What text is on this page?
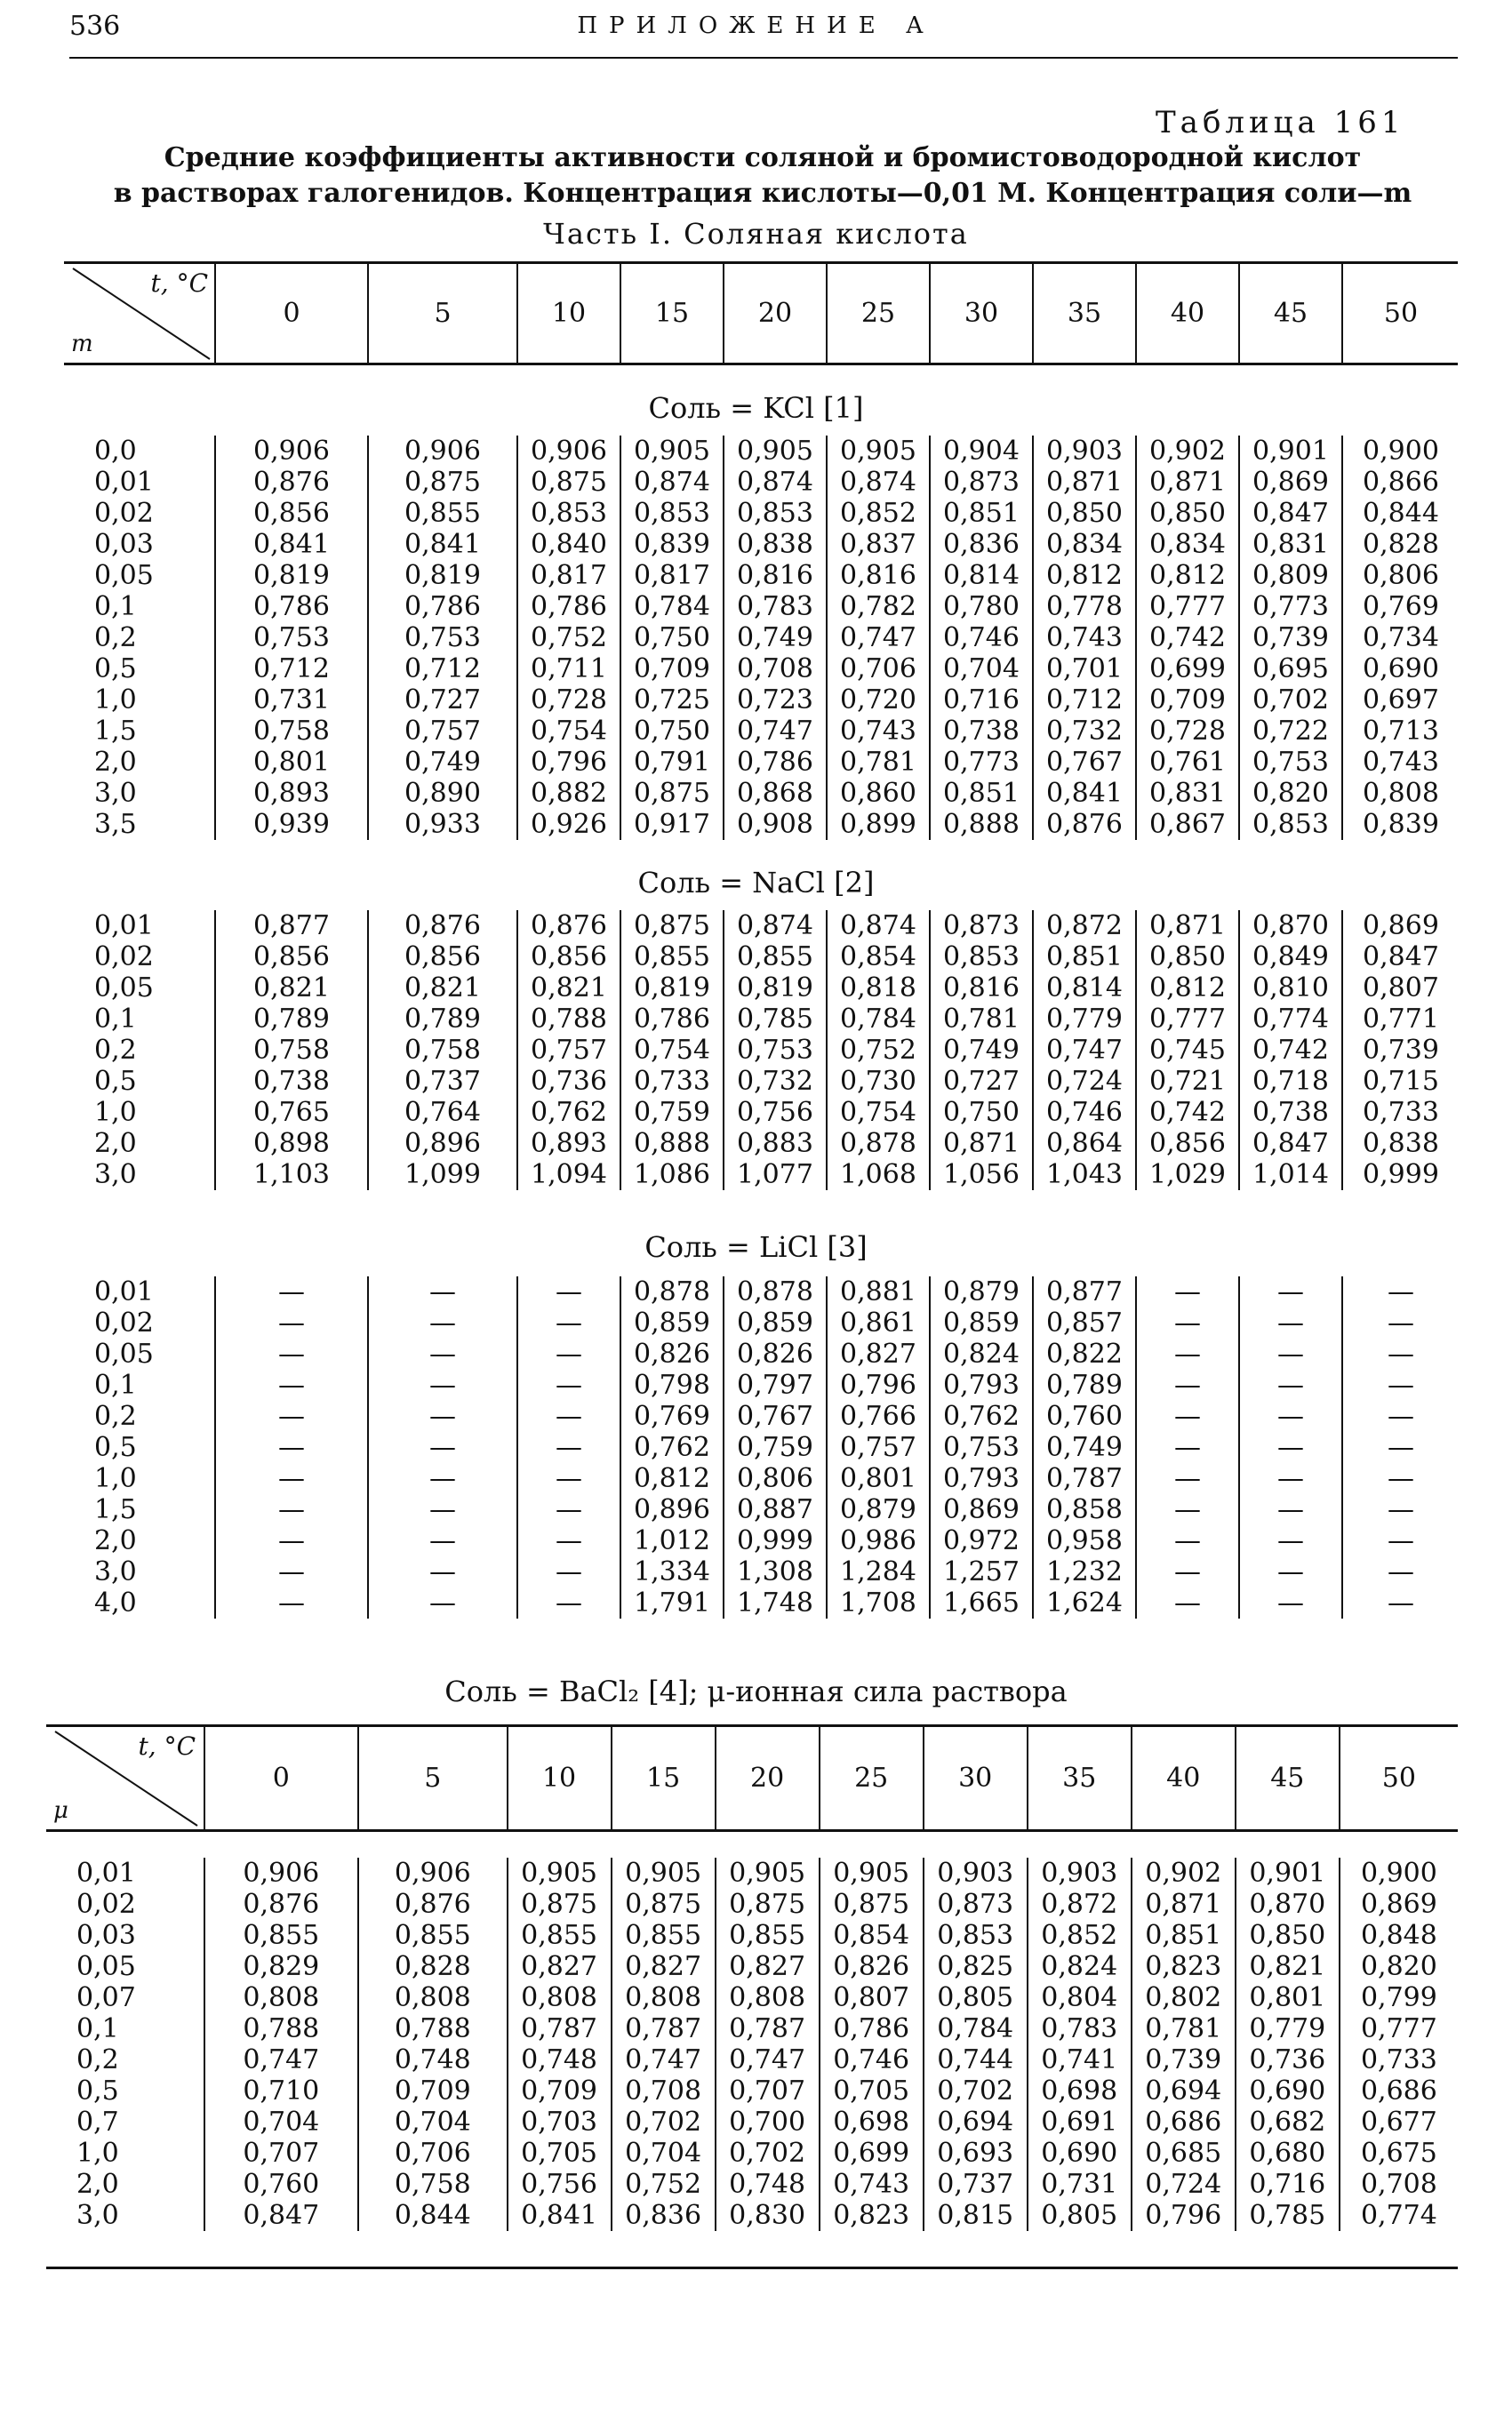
536	ПРИЛОЖЕНИЕ А
Таблица 161
Средние коэффициенты активности соляной и бромистоводородной кислот
в растворах галогенидов. Концентрация кислоты—0,01 M. Концентрация соли—m
Часть I. Соляная кислота
t, °C
m
	0	5	10	15	20	25	30	35	40	45	50
Соль = KCl [1]
0,0	0,906	0,906	0,906	0,905	0,905	0,905	0,904	0,903	0,902	0,901	0,900
0,01	0,876	0,875	0,875	0,874	0,874	0,874	0,873	0,871	0,871	0,869	0,866
0,02	0,856	0,855	0,853	0,853	0,853	0,852	0,851	0,850	0,850	0,847	0,844
0,03	0,841	0,841	0,840	0,839	0,838	0,837	0,836	0,834	0,834	0,831	0,828
0,05	0,819	0,819	0,817	0,817	0,816	0,816	0,814	0,812	0,812	0,809	0,806
0,1	0,786	0,786	0,786	0,784	0,783	0,782	0,780	0,778	0,777	0,773	0,769
0,2	0,753	0,753	0,752	0,750	0,749	0,747	0,746	0,743	0,742	0,739	0,734
0,5	0,712	0,712	0,711	0,709	0,708	0,706	0,704	0,701	0,699	0,695	0,690
1,0	0,731	0,727	0,728	0,725	0,723	0,720	0,716	0,712	0,709	0,702	0,697
1,5	0,758	0,757	0,754	0,750	0,747	0,743	0,738	0,732	0,728	0,722	0,713
2,0	0,801	0,749	0,796	0,791	0,786	0,781	0,773	0,767	0,761	0,753	0,743
3,0	0,893	0,890	0,882	0,875	0,868	0,860	0,851	0,841	0,831	0,820	0,808
3,5	0,939	0,933	0,926	0,917	0,908	0,899	0,888	0,876	0,867	0,853	0,839
Соль = NaCl [2]
0,01	0,877	0,876	0,876	0,875	0,874	0,874	0,873	0,872	0,871	0,870	0,869
0,02	0,856	0,856	0,856	0,855	0,855	0,854	0,853	0,851	0,850	0,849	0,847
0,05	0,821	0,821	0,821	0,819	0,819	0,818	0,816	0,814	0,812	0,810	0,807
0,1	0,789	0,789	0,788	0,786	0,785	0,784	0,781	0,779	0,777	0,774	0,771
0,2	0,758	0,758	0,757	0,754	0,753	0,752	0,749	0,747	0,745	0,742	0,739
0,5	0,738	0,737	0,736	0,733	0,732	0,730	0,727	0,724	0,721	0,718	0,715
1,0	0,765	0,764	0,762	0,759	0,756	0,754	0,750	0,746	0,742	0,738	0,733
2,0	0,898	0,896	0,893	0,888	0,883	0,878	0,871	0,864	0,856	0,847	0,838
3,0	1,103	1,099	1,094	1,086	1,077	1,068	1,056	1,043	1,029	1,014	0,999
Соль = LiCl [3]
0,01	—	—	—	0,878	0,878	0,881	0,879	0,877	—	—	—
0,02	—	—	—	0,859	0,859	0,861	0,859	0,857	—	—	—
0,05	—	—	—	0,826	0,826	0,827	0,824	0,822	—	—	—
0,1	—	—	—	0,798	0,797	0,796	0,793	0,789	—	—	—
0,2	—	—	—	0,769	0,767	0,766	0,762	0,760	—	—	—
0,5	—	—	—	0,762	0,759	0,757	0,753	0,749	—	—	—
1,0	—	—	—	0,812	0,806	0,801	0,793	0,787	—	—	—
1,5	—	—	—	0,896	0,887	0,879	0,869	0,858	—	—	—
2,0	—	—	—	1,012	0,999	0,986	0,972	0,958	—	—	—
3,0	—	—	—	1,334	1,308	1,284	1,257	1,232	—	—	—
4,0	—	—	—	1,791	1,748	1,708	1,665	1,624	—	—	—
Соль = BaCl₂ [4]; μ-ионная сила раствора
t, °C
μ
	0	5	10	15	20	25	30	35	40	45	50
0,01	0,906	0,906	0,905	0,905	0,905	0,905	0,903	0,903	0,902	0,901	0,900
0,02	0,876	0,876	0,875	0,875	0,875	0,875	0,873	0,872	0,871	0,870	0,869
0,03	0,855	0,855	0,855	0,855	0,855	0,854	0,853	0,852	0,851	0,850	0,848
0,05	0,829	0,828	0,827	0,827	0,827	0,826	0,825	0,824	0,823	0,821	0,820
0,07	0,808	0,808	0,808	0,808	0,808	0,807	0,805	0,804	0,802	0,801	0,799
0,1	0,788	0,788	0,787	0,787	0,787	0,786	0,784	0,783	0,781	0,779	0,777
0,2	0,747	0,748	0,748	0,747	0,747	0,746	0,744	0,741	0,739	0,736	0,733
0,5	0,710	0,709	0,709	0,708	0,707	0,705	0,702	0,698	0,694	0,690	0,686
0,7	0,704	0,704	0,703	0,702	0,700	0,698	0,694	0,691	0,686	0,682	0,677
1,0	0,707	0,706	0,705	0,704	0,702	0,699	0,693	0,690	0,685	0,680	0,675
2,0	0,760	0,758	0,756	0,752	0,748	0,743	0,737	0,731	0,724	0,716	0,708
3,0	0,847	0,844	0,841	0,836	0,830	0,823	0,815	0,805	0,796	0,785	0,774
